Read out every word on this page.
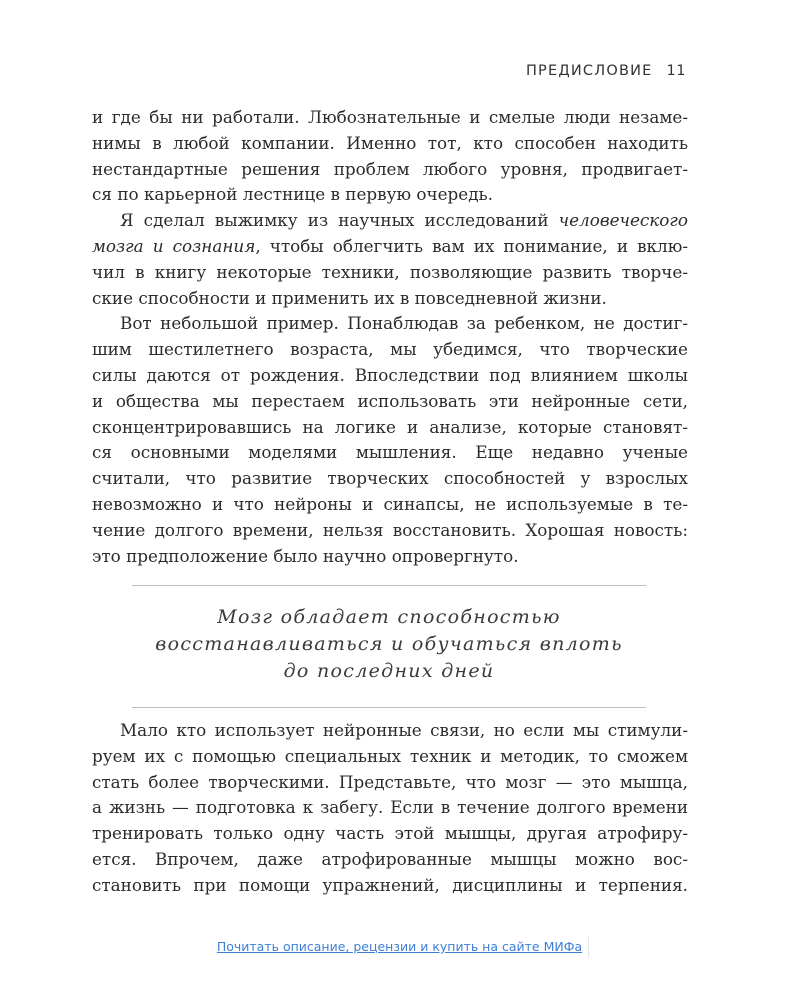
ПРЕДИСЛОВИЕ 11

и где бы ни работали. Любознательные и смелые люди незаме-
нимы в любой компании. Именно тот, кто способен находить
нестандартные решения проблем любого уровня, продвигает-
ся по карьерной лестнице в первую очередь.

Я сделал выжимку из научных исследований человеческого
мозга и сознания, чтобы облегчить вам их понимание, и вклю-
чил в книгу некоторые техники, позволяющие развить творче-
ские способности и применить их в повседневной жизни.

Вот небольшой пример. Понаблюдав за ребенком, не достиг-
шим шестилетнего возраста, мы убедимся, что творческие
силы даются от рождения. Впоследствии под влиянием школы
и общества мы перестаем использовать эти нейронные сети,
сконцентрировавшись на логике и анализе, которые становят-
ся основными моделями мышления. Еще недавно ученые
считали, что развитие творческих способностей у взрослых
невозможно и что нейроны и синапсы, не используемые в те-
чение долгого времени, нельзя восстановить. Хорошая новость:
это предположение было научно опровергнуто.

Мозг обладает способностью
восстанавливаться и обучаться вплоть
до последних дней

Мало кто использует нейронные связи, но если мы стимули-
руем их с помощью специальных техник и методик, то сможем
стать более творческими. Представьте, что мозг — это мышца,
а жизнь — подготовка к забегу. Если в течение долгого времени
тренировать только одну часть этой мышцы, другая атрофиру-
ется. Впрочем, даже атрофированные мышцы можно вос-
становить при помощи упражнений, дисциплины и терпения.

Почитать описание, рецензии и купить на сайте МИФа
